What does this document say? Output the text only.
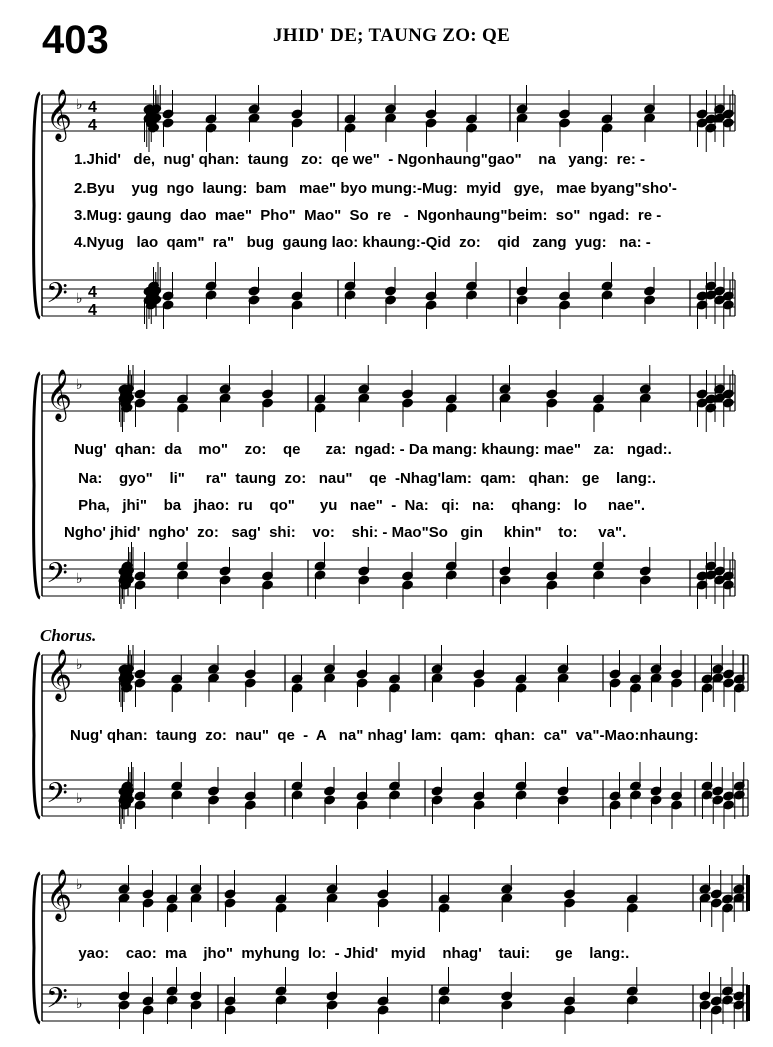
403	JHID' DE; TAUNG ZO: QE
Chorus.
𝄞
𝄢
♭
♭
4
4
4
4
𝄞
𝄢
♭
♭
𝄞
𝄢
♭
♭
𝄞
𝄢
♭
♭
1.Jhid'   de,  nug' qhan:  taung   zo:  qe we"  - Ngonhaung"gao"    na   yang:  re: -
2.Byu    yug  ngo  laung:  bam   mae" byo mung:-Mug:  myid   gye,   mae byang"sho'-
3.Mug: gaung  dao  mae"  Pho"  Mao"  So  re   -  Ngonhaung"beim:  so"  ngad:  re -
4.Nyug   lao  qam"  ra"   bug  gaung lao: khaung:-Qid  zo:    qid   zang  yug:   na: -
Nug'  qhan:  da    mo"    zo:    qe      za:  ngad: - Da mang: khaung: mae"   za:   ngad:.
Na:    gyo"    li"     ra"  taung  zo:   nau"    qe  -Nhag'lam:  qam:   qhan:   ge    lang:.
Pha,   jhi"    ba   jhao:  ru    qo"      yu   nae"  -  Na:   qi:   na:    qhang:   lo     nae".
Ngho' jhid'  ngho'  zo:   sag'  shi:    vo:    shi: - Mao"So   gin     khin"    to:     va".
Nug' qhan:  taung  zo:  nau"  qe  -  A   na" nhag' lam:  qam:  qhan:  ca"  va"-Mao:nhaung:
yao:    cao:  ma    jho"  myhung  lo:  - Jhid'   myid    nhag'    taui:      ge    lang:.
